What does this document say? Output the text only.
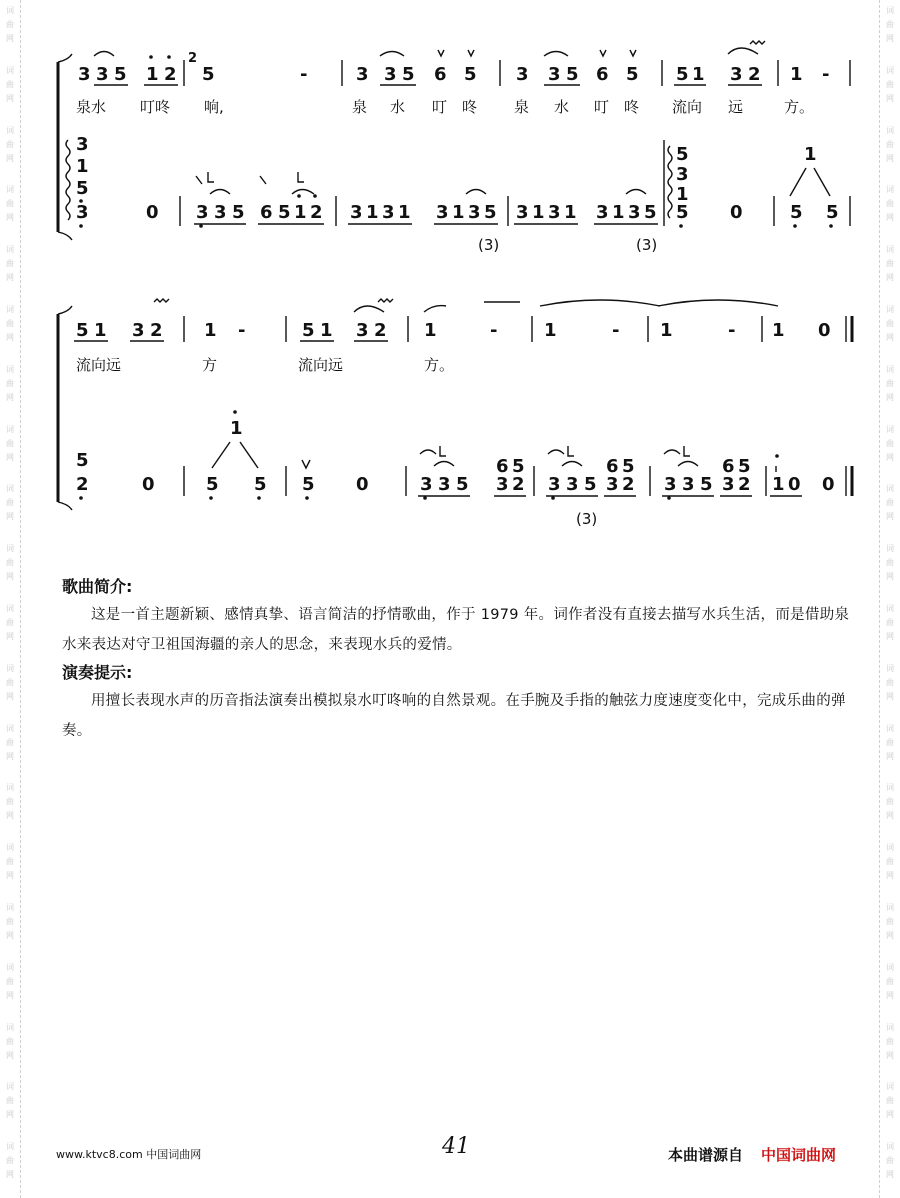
词
曲
网
词
曲
网
词
曲
网
词
曲
网
词
曲
网
词
曲
网
词
曲
网
词
曲
网
词
曲
网
词
曲
网
词
曲
网
词
曲
网
词
曲
网
词
曲
网
词
曲
网
词
曲
网
词
曲
网
词
曲
网
词
曲
网
词
曲
网
词
曲
网
词
曲
网
词
曲
网
词
曲
网
词
曲
网
词
曲
网
词
曲
网
词
曲
网
词
曲
网
词
曲
网
词
曲
网
词
曲
网
词
曲
网
词
曲
网
词
曲
网
词
曲
网
词
曲
网
词
曲
网
词
曲
网
词
曲
网
3 3 5 1 2
2
5	-	3 3 5 6 5 3 3 5 6 5 5 1 3 2 1 -
泉水 叮咚 响,	泉 水 叮 咚 泉 水 叮 咚 流向 远	方。
3
1
5
3	0 3 3 5 6 5 1 2 3 1 3 1 3 1 3 5
(3)
3 1 3 1 3 1 3 5
(3)
5
3
1
5 0
1
5 5
5 1 3 2 1 -	5 1 3 2 1	-	1	- 1	- 1 0
流向远	方	流向远	方。
5
2	0
1
5 5 5 0	3 3 5
6 5
3 2 3 3 5
6 5
3 2
(3)
3 3 5
6 5
3 2 1 0 0

歌曲简介:

这是一首主题新颖、感情真挚、语言简洁的抒情歌曲，作于 1979 年。词作者没有直接去描写水兵生活，而是借助泉水来表达对守卫祖国海疆的亲人的思念，来表现水兵的爱情。

演奏提示:

用擅长表现水声的历音指法演奏出模拟泉水叮咚响的自然景观。在手腕及手指的触弦力度速度变化中，完成乐曲的弹奏。

www.ktvc8.com 中国词曲网	41	本曲谱源自 中国词曲网
